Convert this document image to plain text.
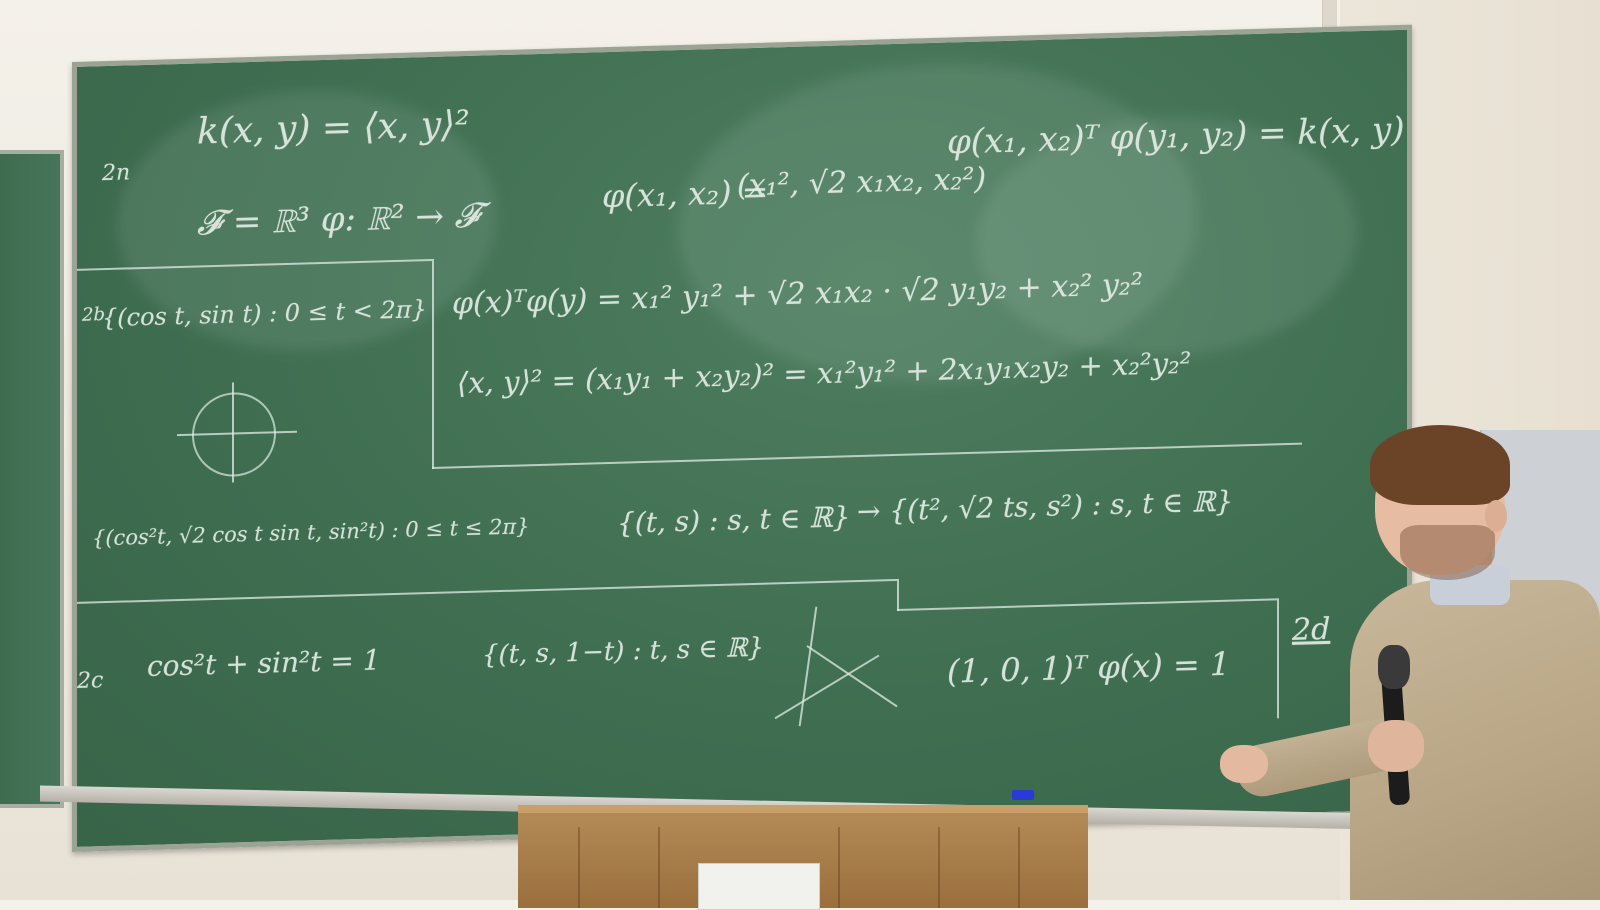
2n
k(x, y) = ⟨x, y⟩²
𝓕 = ℝ³ φ: ℝ² → 𝓕
φ(x₁, x₂) =
(x₁², √2 x₁x₂, x₂²)
φ(x₁, x₂)ᵀ φ(y₁, y₂) = k(x, y)
2b
{(cos t, sin t) : 0 ≤ t < 2π} φ(x)ᵀφ(y) = x₁² y₁² + √2 x₁x₂ · √2 y₁y₂ + x₂² y₂²
⟨x, y⟩² = (x₁y₁ + x₂y₂)² = x₁²y₁² + 2x₁y₁x₂y₂ + x₂²y₂²
{(cos²t, √2 cos t sin t, sin²t) : 0 ≤ t ≤ 2π}	{(t, s) : s, t ∈ ℝ} → {(t², √2 ts, s²) : s, t ∈ ℝ}
2c cos²t + sin²t = 1	{(t, s, 1−t) : t, s ∈ ℝ}	(1, 0, 1)ᵀ φ(x) = 1
2d
